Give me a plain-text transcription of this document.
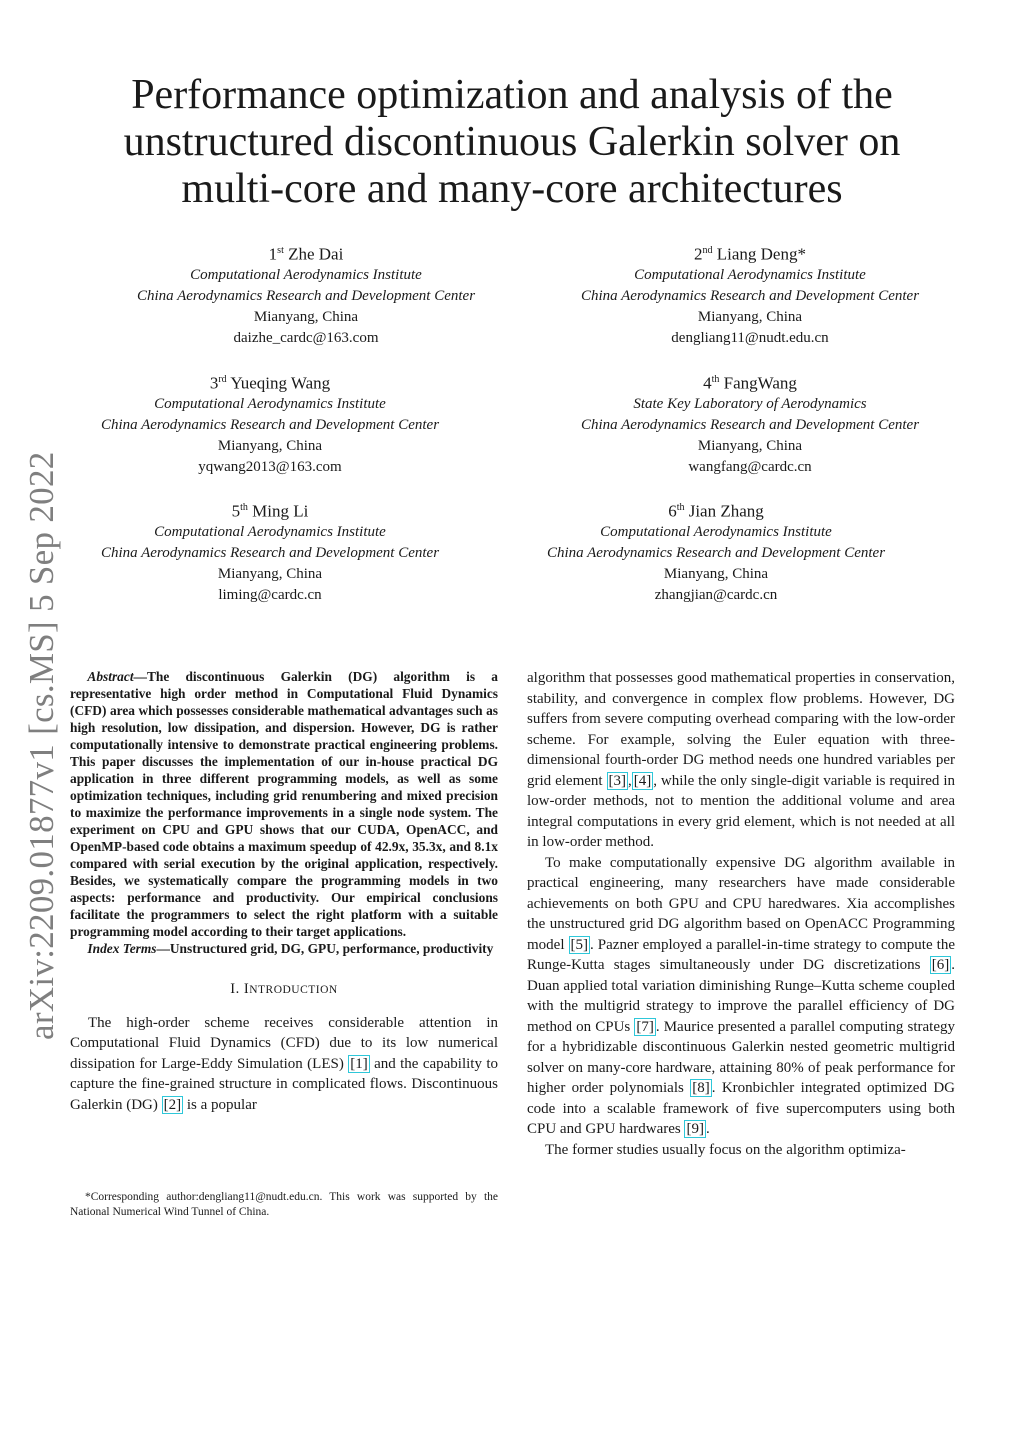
arXiv:2209.01877v1 [cs.MS] 5 Sep 2022
Performance optimization and analysis of the unstructured discontinuous Galerkin solver on multi-core and many-core architectures
1st Zhe Dai
Computational Aerodynamics Institute
China Aerodynamics Research and Development Center
Mianyang, China
daizhe_cardc@163.com
2nd Liang Deng*
Computational Aerodynamics Institute
China Aerodynamics Research and Development Center
Mianyang, China
dengliang11@nudt.edu.cn
3rd Yueqing Wang
Computational Aerodynamics Institute
China Aerodynamics Research and Development Center
Mianyang, China
yqwang2013@163.com
4th FangWang
State Key Laboratory of Aerodynamics
China Aerodynamics Research and Development Center
Mianyang, China
wangfang@cardc.cn
5th Ming Li
Computational Aerodynamics Institute
China Aerodynamics Research and Development Center
Mianyang, China
liming@cardc.cn
6th Jian Zhang
Computational Aerodynamics Institute
China Aerodynamics Research and Development Center
Mianyang, China
zhangjian@cardc.cn

Abstract—The discontinuous Galerkin (DG) algorithm is a representative high order method in Computational Fluid Dynamics (CFD) area which possesses considerable mathematical advantages such as high resolution, low dissipation, and dispersion. However, DG is rather computationally intensive to demonstrate practical engineering problems. This paper discusses the implementation of our in-house practical DG application in three different programming models, as well as some optimization techniques, including grid renumbering and mixed precision to maximize the performance improvements in a single node system. The experiment on CPU and GPU shows that our CUDA, OpenACC, and OpenMP-based code obtains a maximum speedup of 42.9x, 35.3x, and 8.1x compared with serial execution by the original application, respectively. Besides, we systematically compare the programming models in two aspects: performance and productivity. Our empirical conclusions facilitate the programmers to select the right platform with a suitable programming model according to their target applications.

Index Terms—Unstructured grid, DG, GPU, performance, productivity

I. INTRODUCTION

The high-order scheme receives considerable attention in Computational Fluid Dynamics (CFD) due to its low numerical dissipation for Large-Eddy Simulation (LES) [1] and the capability to capture the fine-grained structure in complicated flows. Discontinuous Galerkin (DG) [2] is a popular

*Corresponding author:dengliang11@nudt.edu.cn. This work was supported by the National Numerical Wind Tunnel of China.

algorithm that possesses good mathematical properties in conservation, stability, and convergence in complex flow problems. However, DG suffers from severe computing overhead comparing with the low-order scheme. For example, solving the Euler equation with three-dimensional fourth-order DG method needs one hundred variables per grid element [3] , [4] , while the only single-digit variable is required in low-order methods, not to mention the additional volume and area integral computations in every grid element, which is not needed at all in low-order method.

To make computationally expensive DG algorithm available in practical engineering, many researchers have made considerable achievements on both GPU and CPU haredwares. Xia accomplishes the unstructured grid DG algorithm based on OpenACC Programming model [5] . Pazner employed a parallel-in-time strategy to compute the Runge-Kutta stages simultaneously under DG discretizations [6] . Duan applied total variation diminishing Runge–Kutta scheme coupled with the multigrid strategy to improve the parallel efficiency of DG method on CPUs [7] . Maurice presented a parallel computing strategy for a hybridizable discontinuous Galerkin nested geometric multigrid solver on many-core hardware, attaining 80% of peak performance for higher order polynomials [8] . Kronbichler integrated optimized DG code into a scalable framework of five supercomputers using both CPU and GPU hardwares [9] .

The former studies usually focus on the algorithm optimiza-
